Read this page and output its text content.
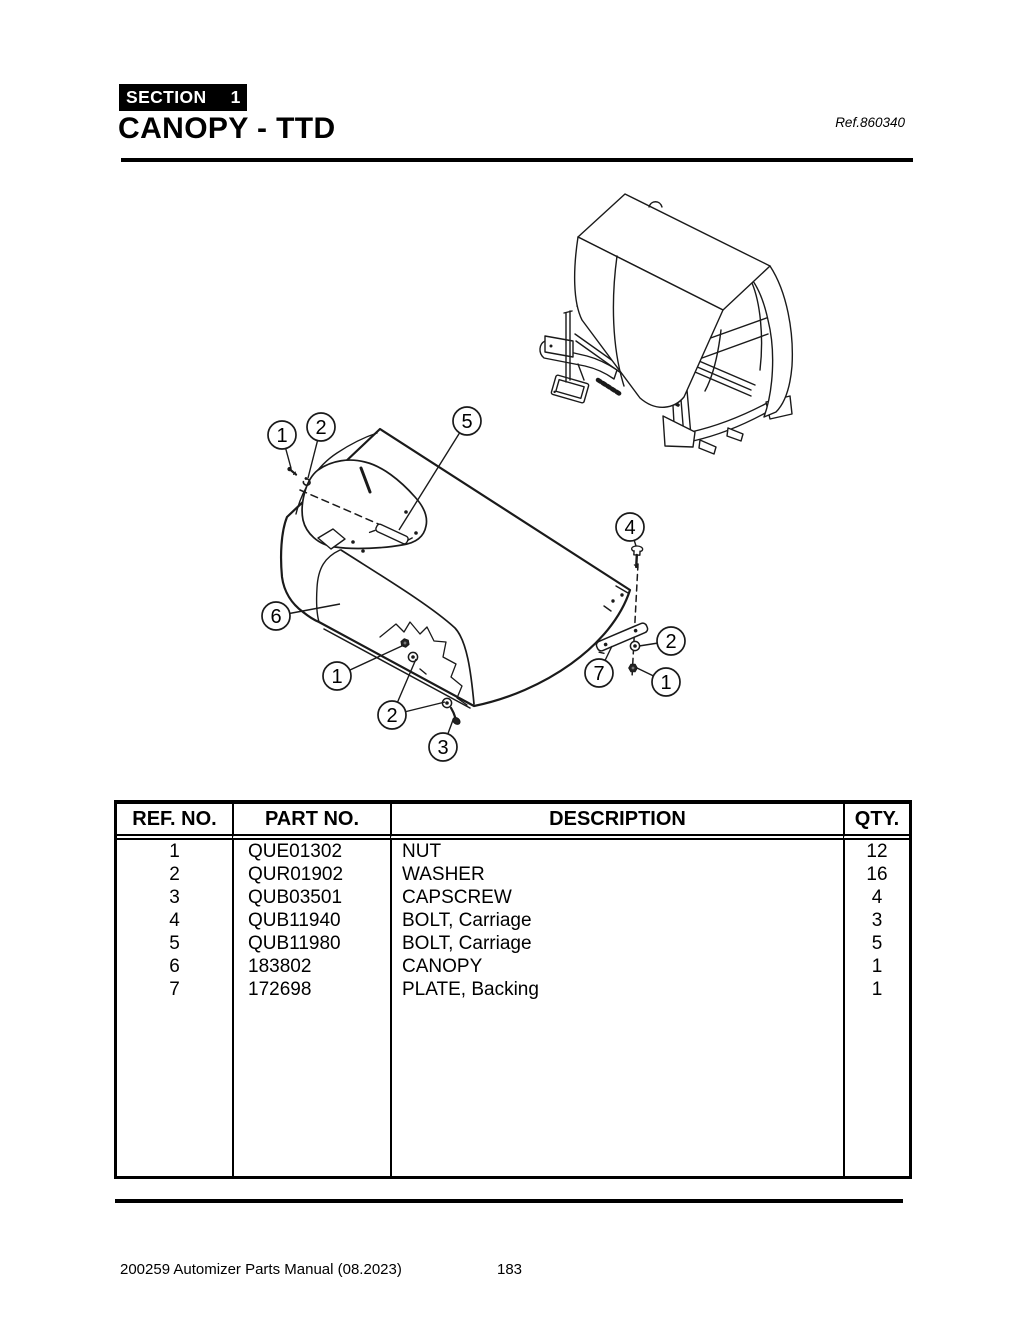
SECTION 1
CANOPY - TTD	Ref.860340
1 2	5
4
6
1
2
3
7
2
1
REF. NO.	PART NO.	DESCRIPTION	QTY.
1	QUE01302	NUT	12
2	QUR01902	WASHER	16
3	QUB03501	CAPSCREW	4
4	QUB11940	BOLT, Carriage	3
5	QUB11980	BOLT, Carriage	5
6	183802	CANOPY	1
7	172698	PLATE, Backing	1

200259 Automizer Parts Manual (08.2023)	183
